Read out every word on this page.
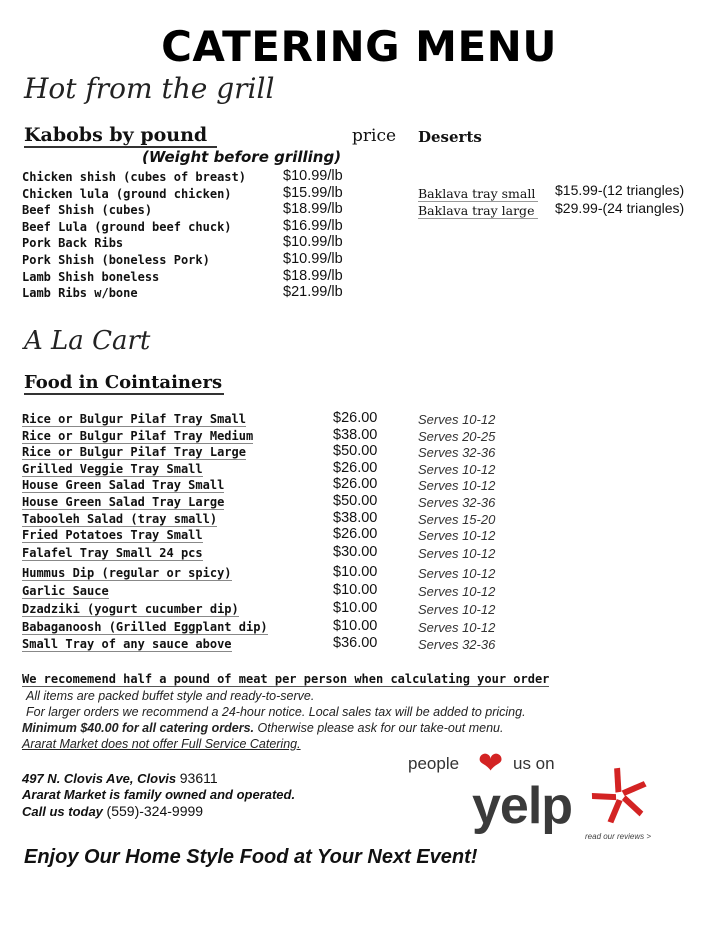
CATERING MENU
Hot from the grill
Kabobs by pound
(Weight before grilling)
price Deserts
Chicken shish (cubes of breast)	$10.99/lb
Chicken lula (ground chicken)	$15.99/lb
Beef Shish (cubes)	$18.99/lb
Beef Lula (ground beef chuck)	$16.99/lb
Pork Back Ribs	$10.99/lb
Pork Shish (boneless Pork)	$10.99/lb
Lamb Shish boneless	$18.99/lb
Lamb Ribs w/bone	$21.99/lb
Baklava tray small $15.99-(12 triangles)
Baklava tray large $29.99-(24 triangles)
A La Cart
Food in Cointainers
Rice or Bulgur Pilaf Tray Small	$26.00	Serves 10-12
Rice or Bulgur Pilaf Tray Medium	$38.00	Serves 20-25
Rice or Bulgur Pilaf Tray Large	$50.00	Serves 32-36
Grilled Veggie Tray Small	$26.00	Serves 10-12
House Green Salad Tray Small	$26.00	Serves 10-12
House Green Salad Tray Large	$50.00	Serves 32-36
Tabooleh Salad (tray small)	$38.00	Serves 15-20
Fried Potatoes Tray Small	$26.00	Serves 10-12
Falafel Tray Small 24 pcs	$30.00	Serves 10-12
Hummus Dip (regular or spicy)	$10.00	Serves 10-12
Garlic Sauce	$10.00	Serves 10-12
Dzadziki (yogurt cucumber dip)	$10.00	Serves 10-12
Babaganoosh (Grilled Eggplant dip)	$10.00	Serves 10-12
Small Tray of any sauce above	$36.00	Serves 32-36
We recomemend half a pound of meat per person when calculating your order
All items are packed buffet style and ready-to-serve.
For larger orders we recommend a 24-hour notice. Local sales tax will be added to pricing.
Minimum $40.00 for all catering orders. Otherwise please ask for our take-out menu.
Ararat Market does not offer Full Service Catering.
497 N. Clovis Ave, Clovis 93611
Ararat Market is family owned and operated.
Call us today (559)-324-9999
people ❤ us on
yelp
read our reviews >
Enjoy Our Home Style Food at Your Next Event!
